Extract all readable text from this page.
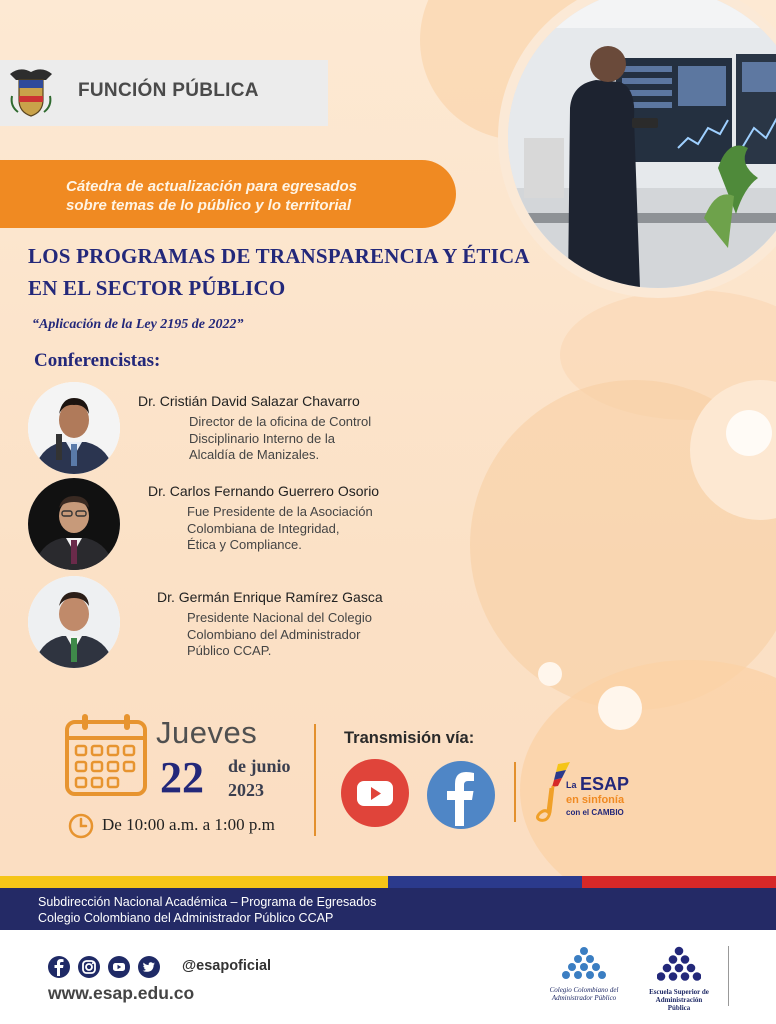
FUNCIÓN PÚBLICA
Cátedra de actualización para egresados
sobre temas de lo público y lo territorial
LOS PROGRAMAS DE TRANSPARENCIA Y ÉTICA
EN EL SECTOR PÚBLICO
“Aplicación de la Ley 2195 de 2022”
Conferencistas:
Dr. Cristián David Salazar Chavarro
Director de la oficina de Control
Disciplinario Interno de la
Alcaldía de Manizales.
Dr. Carlos Fernando Guerrero Osorio
Fue Presidente de la Asociación
Colombiana de Integridad,
Ética y Compliance.
Dr. Germán Enrique Ramírez Gasca
Presidente Nacional del Colegio
Colombiano del Administrador
Público CCAP.
Jueves
22 de junio
2023
De 10:00 a.m. a 1:00 p.m
Transmisión vía:
La ESAP
en sinfonía
con el CAMBIO
Subdirección Nacional Académica – Programa de Egresados
Colegio Colombiano del Administrador Público CCAP
@esapoficial
www.esap.edu.co	Colegio Colombiano del Administrador Público
Escuela Superior de Administración Pública
